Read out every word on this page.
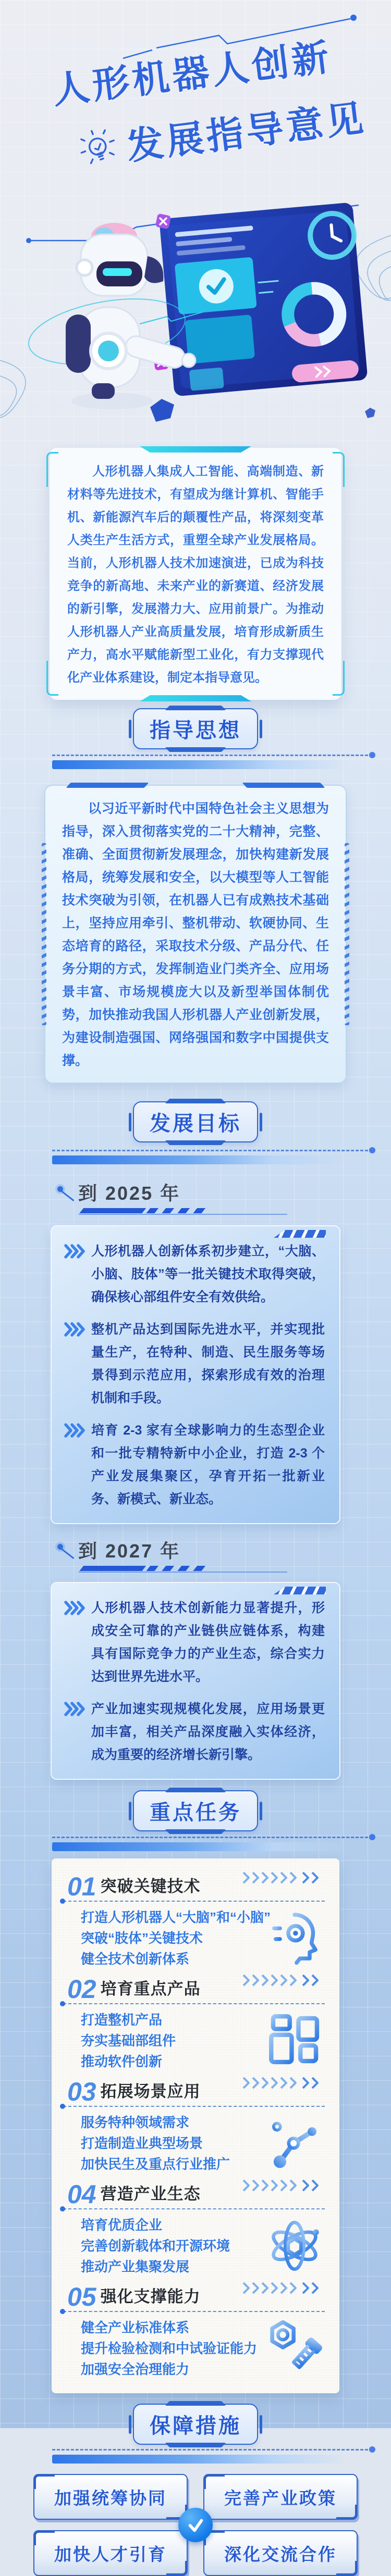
人形机器人创新
发展指导意见

人形机器人集成人工智能、高端制造、新材料等先进技术，有望成为继计算机、智能手机、新能源汽车后的颠覆性产品，将深刻变革人类生产生活方式，重塑全球产业发展格局。当前，人形机器人技术加速演进，已成为科技竞争的新高地、未来产业的新赛道、经济发展的新引擎，发展潜力大、应用前景广。为推动人形机器人产业高质量发展，培育形成新质生产力，高水平赋能新型工业化，有力支撑现代化产业体系建设，制定本指导意见。

指导思想

以习近平新时代中国特色社会主义思想为指导，深入贯彻落实党的二十大精神，完整、准确、全面贯彻新发展理念，加快构建新发展格局，统筹发展和安全，以大模型等人工智能技术突破为引领，在机器人已有成熟技术基础上，坚持应用牵引、整机带动、软硬协同、生态培育的路径，采取技术分级、产品分代、任务分期的方式，发挥制造业门类齐全、应用场景丰富、市场规模庞大以及新型举国体制优势，加快推动我国人形机器人产业创新发展，为建设制造强国、网络强国和数字中国提供支撑。

发展目标
到 2025 年

人形机器人创新体系初步建立，“大脑、小脑、肢体”等一批关键技术取得突破，确保核心部组件安全有效供给。

整机产品达到国际先进水平，并实现批量生产，在特种、制造、民生服务等场景得到示范应用，探索形成有效的治理机制和手段。

培育 2-3 家有全球影响力的生态型企业和一批专精特新中小企业，打造 2-3 个产业发展集聚区，孕育开拓一批新业务、新模式、新业态。

到 2027 年

人形机器人技术创新能力显著提升，形成安全可靠的产业链供应链体系，构建具有国际竞争力的产业生态，综合实力达到世界先进水平。

产业加速实现规模化发展，应用场景更加丰富，相关产品深度融入实体经济，成为重要的经济增长新引擎。

重点任务
01 突破关键技术
打造人形机器人“大脑”和“小脑”
突破“肢体”关键技术
健全技术创新体系
02 培育重点产品
打造整机产品
夯实基础部组件
推动软件创新
03 拓展场景应用
服务特种领域需求
打造制造业典型场景
加快民生及重点行业推广
04 营造产业生态
培育优质企业
完善创新载体和开源环境
推动产业集聚发展
05 强化支撑能力
健全产业标准体系
提升检验检测和中试验证能力
加强安全治理能力
保障措施
加强统筹协同	完善产业政策
加快人才引育	深化交流合作
